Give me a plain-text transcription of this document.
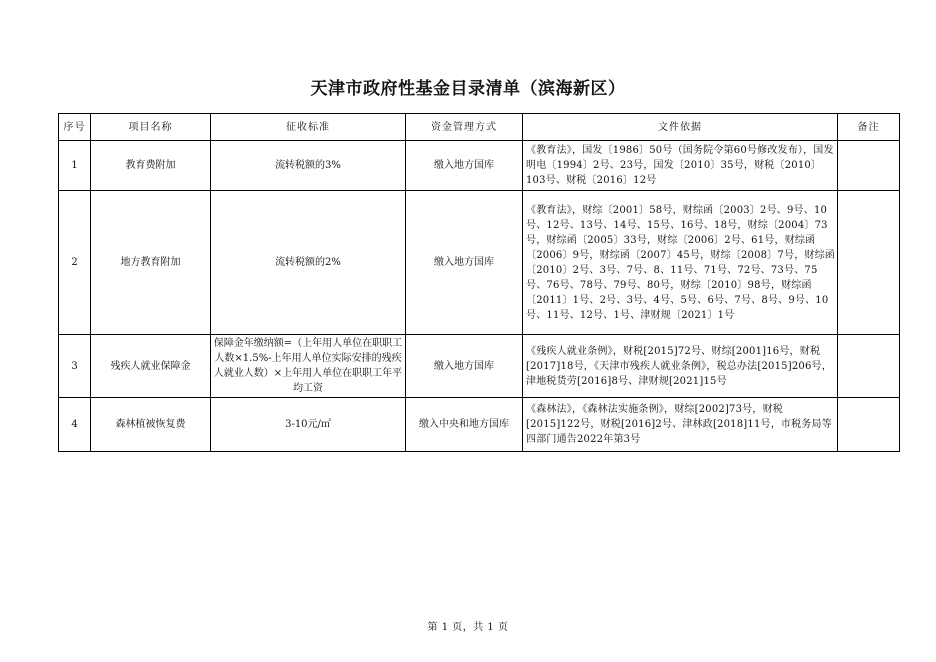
天津市政府性基金目录清单（滨海新区）
序号	项目名称	征收标准	资金管理方式	文件依据	备注
1	教育费附加	流转税额的3%	缴入地方国库	《教育法》，国发〔1986〕50号（国务院令第60号修改发布），国发明电〔1994〕2号、23号，国发〔2010〕35号，财税〔2010〕103号、财税〔2016〕12号	
2	地方教育附加	流转税额的2%	缴入地方国库	《教育法》，财综〔2001〕58号，财综函〔2003〕2号、9号、10号、12号、13号、14号、15号、16号、18号，财综〔2004〕73号，财综函〔2005〕33号，财综〔2006〕2号、61号，财综函〔2006〕9号，财综函〔2007〕45号，财综〔2008〕7号，财综函〔2010〕2号、3号、7号、8、11号、71号、72号、73号、75号、76号、78号、79号、80号，财综〔2010〕98号，财综函〔2011〕1号、2号、3号、4号、5号、6号、7号、8号、9号、10号、11号、12号、1号、津财规〔2021〕1号	
3	残疾人就业保障金	保障金年缴纳额=（上年用人单位在职职工人数×1.5%-上年用人单位实际安排的残疾人就业人数）×上年用人单位在职职工年平均工资	缴入地方国库	《残疾人就业条例》，财税[2015]72号、财综[2001]16号，财税[2017]18号，《天津市残疾人就业条例》，税总办法[2015]206号，津地税货劳[2016]8号、津财规[2021]15号	
4	森林植被恢复费	3-10元/㎡	缴入中央和地方国库	《森林法》，《森林法实施条例》，财综[2002]73号，财税[2015]122号，财税[2016]2号、津林政[2018]11号，市税务局等四部门通告2022年第3号	
第 1 页，共 1 页
